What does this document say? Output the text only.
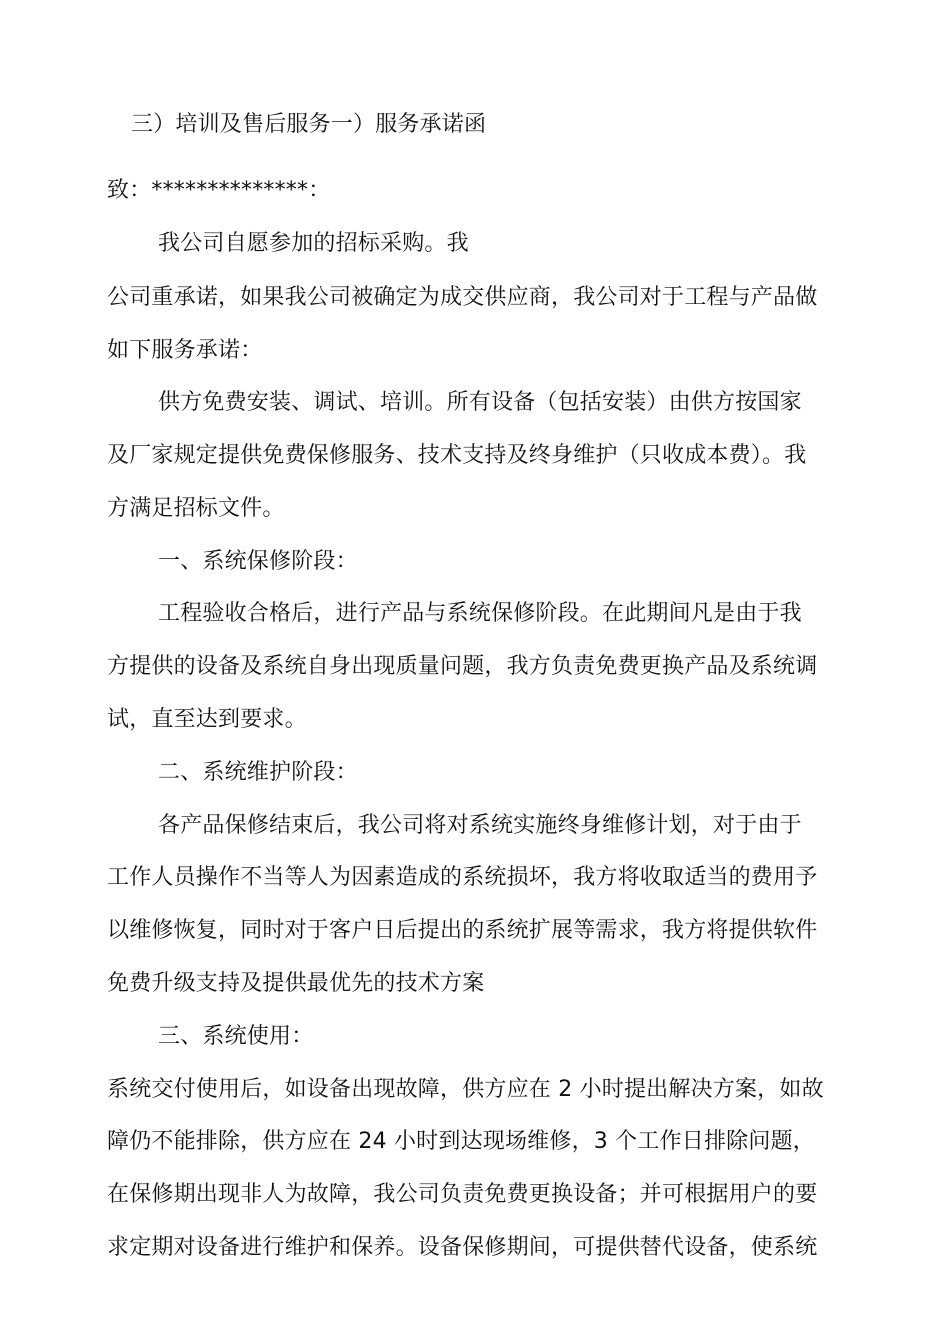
三）培训及售后服务一）服务承诺函
致：**************：
我公司自愿参加的招标采购。我
公司重承诺，如果我公司被确定为成交供应商，我公司对于工程与产品做
如下服务承诺：
供方免费安装、调试、培训。所有设备（包括安装）由供方按国家
及厂家规定提供免费保修服务、技术支持及终身维护（只收成本费）。我
方满足招标文件。
一、系统保修阶段：
工程验收合格后，进行产品与系统保修阶段。在此期间凡是由于我
方提供的设备及系统自身出现质量问题，我方负责免费更换产品及系统调
试，直至达到要求。
二、系统维护阶段：
各产品保修结束后，我公司将对系统实施终身维修计划，对于由于
工作人员操作不当等人为因素造成的系统损坏，我方将收取适当的费用予
以维修恢复，同时对于客户日后提出的系统扩展等需求，我方将提供软件
免费升级支持及提供最优先的技术方案
三、系统使用：
系统交付使用后，如设备出现故障，供方应在 2 小时提出解决方案，如故
障仍不能排除，供方应在 24 小时到达现场维修，3 个工作日排除问题，
在保修期出现非人为故障，我公司负责免费更换设备；并可根据用户的要
求定期对设备进行维护和保养。设备保修期间，可提供替代设备，使系统
